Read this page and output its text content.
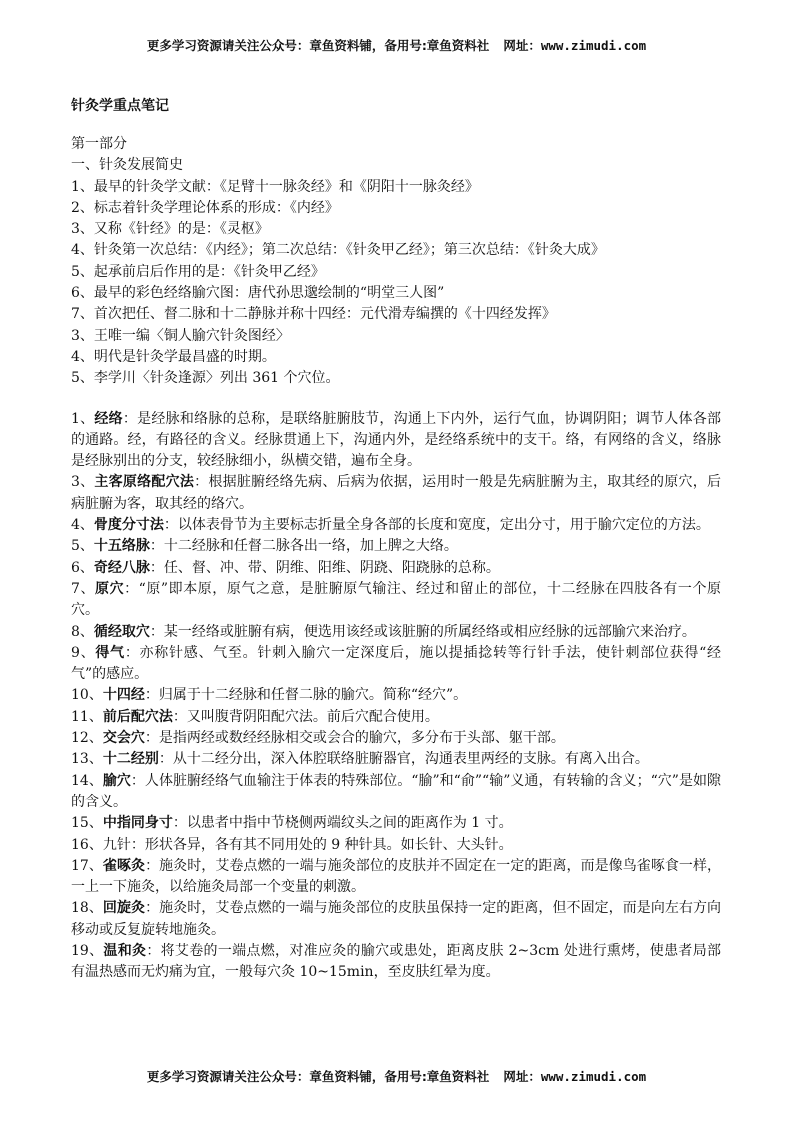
更多学习资源请关注公众号：章鱼资料铺，备用号:章鱼资料社 网址：www.zimudi.com
针灸学重点笔记
第一部分
一、针灸发展简史
1、最早的针灸学文献：《足臂十一脉灸经》和《阴阳十一脉灸经》
2、标志着针灸学理论体系的形成：《内经》
3、又称《针经》的是：《灵枢》
4、针灸第一次总结：《内经》；第二次总结：《针灸甲乙经》；第三次总结：《针灸大成》
5、起承前启后作用的是：《针灸甲乙经》
6、最早的彩色经络腧穴图：唐代孙思邈绘制的“明堂三人图”
7、首次把任、督二脉和十二静脉并称十四经：元代滑寿编撰的《十四经发挥》
3、王唯一编〈铜人腧穴针灸图经〉
4、明代是针灸学最昌盛的时期。
5、李学川〈针灸逢源〉列出 361 个穴位。
1、经络：是经脉和络脉的总称，是联络脏腑肢节，沟通上下内外，运行气血，协调阴阳；调节人体各部的通路。经，有路径的含义。经脉贯通上下，沟通内外，是经络系统中的支干。络，有网络的含义，络脉是经脉别出的分支，较经脉细小，纵横交错，遍布全身。
3、主客原络配穴法：根据脏腑经络先病、后病为依据，运用时一般是先病脏腑为主，取其经的原穴，后病脏腑为客，取其经的络穴。
4、骨度分寸法：以体表骨节为主要标志折量全身各部的长度和宽度，定出分寸，用于腧穴定位的方法。
5、十五络脉：十二经脉和任督二脉各出一络，加上脾之大络。
6、奇经八脉：任、督、冲、带、阴维、阳维、阴跷、阳跷脉的总称。
7、原穴：“原”即本原，原气之意，是脏腑原气输注、经过和留止的部位，十二经脉在四肢各有一个原穴。
8、循经取穴：某一经络或脏腑有病，便选用该经或该脏腑的所属经络或相应经脉的远部腧穴来治疗。
9、得气：亦称针感、气至。针刺入腧穴一定深度后，施以提插捻转等行针手法，使针刺部位获得“经气”的感应。
10、十四经：归属于十二经脉和任督二脉的腧穴。简称“经穴”。
11、前后配穴法：又叫腹背阴阳配穴法。前后穴配合使用。
12、交会穴：是指两经或数经经脉相交或会合的腧穴，多分布于头部、躯干部。
13、十二经别：从十二经分出，深入体腔联络脏腑器官，沟通表里两经的支脉。有离入出合。
14、腧穴：人体脏腑经络气血输注于体表的特殊部位。“腧”和“俞”“输”义通，有转输的含义；“穴”是如隙的含义。
15、中指同身寸：以患者中指中节桡侧两端纹头之间的距离作为 1 寸。
16、九针：形状各异，各有其不同用处的 9 种针具。如长针、大头针。
17、雀啄灸：施灸时，艾卷点燃的一端与施灸部位的皮肤并不固定在一定的距离，而是像鸟雀啄食一样，一上一下施灸，以给施灸局部一个变量的刺激。
18、回旋灸：施灸时，艾卷点燃的一端与施灸部位的皮肤虽保持一定的距离，但不固定，而是向左右方向移动或反复旋转地施灸。
19、温和灸：将艾卷的一端点燃，对准应灸的腧穴或患处，距离皮肤 2~3cm 处进行熏烤，使患者局部有温热感而无灼痛为宜，一般每穴灸 10~15min，至皮肤红晕为度。
更多学习资源请关注公众号：章鱼资料铺，备用号:章鱼资料社 网址：www.zimudi.com
